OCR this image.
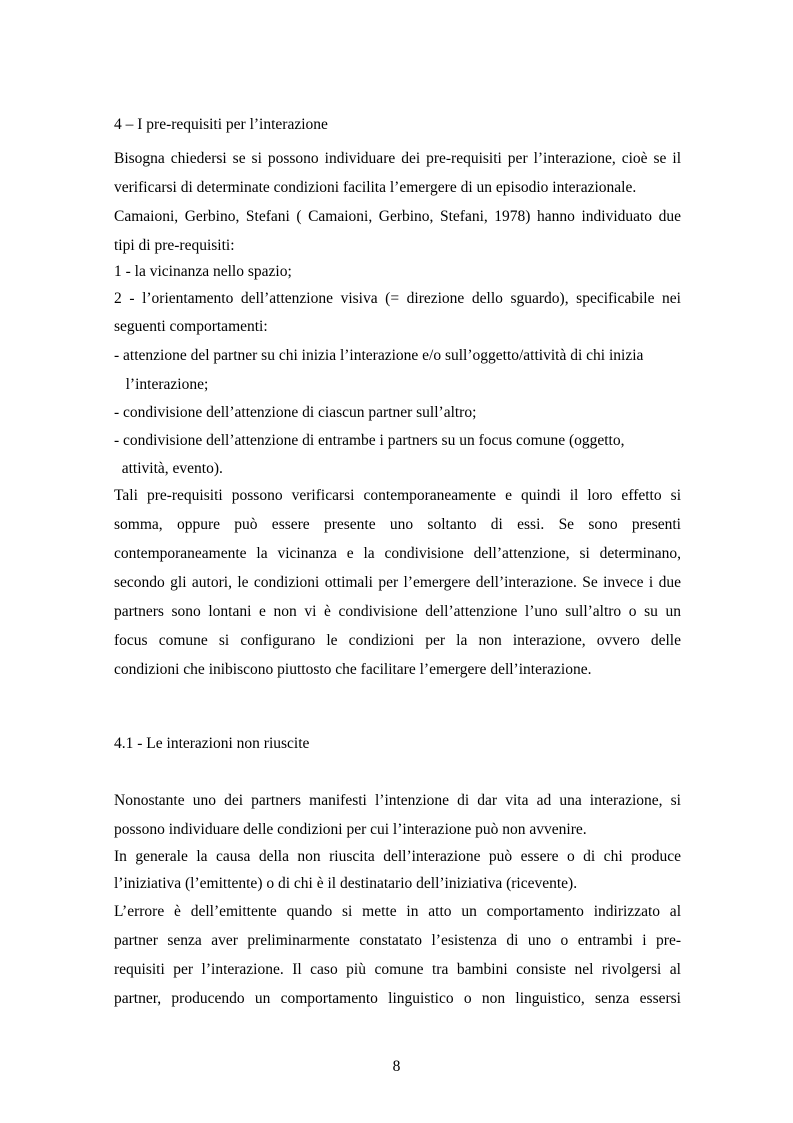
4 – I pre-requisiti per l’interazione
Bisogna chiedersi se si possono individuare dei pre-requisiti per l’interazione, cioè se il
verificarsi di determinate condizioni facilita l’emergere di un episodio interazionale.
Camaioni, Gerbino, Stefani ( Camaioni, Gerbino, Stefani, 1978) hanno individuato due
tipi di pre-requisiti:
1 - la vicinanza nello spazio;
2 - l’orientamento dell’attenzione visiva (= direzione dello sguardo), specificabile nei
seguenti comportamenti:
- attenzione del partner su chi inizia l’interazione e/o sull’oggetto/attività di chi inizia
l’interazione;
- condivisione dell’attenzione di ciascun partner sull’altro;
- condivisione dell’attenzione di entrambe i partners su un focus comune (oggetto,
attività, evento).
Tali pre-requisiti possono verificarsi contemporaneamente e quindi il loro effetto si
somma, oppure può essere presente uno soltanto di essi. Se sono presenti
contemporaneamente la vicinanza e la condivisione dell’attenzione, si determinano,
secondo gli autori, le condizioni ottimali per l’emergere dell’interazione. Se invece i due
partners sono lontani e non vi è condivisione dell’attenzione l’uno sull’altro o su un
focus comune si configurano le condizioni per la non interazione, ovvero delle
condizioni che inibiscono piuttosto che facilitare l’emergere dell’interazione.
4.1 - Le interazioni non riuscite
Nonostante uno dei partners manifesti l’intenzione di dar vita ad una interazione, si
possono individuare delle condizioni per cui l’interazione può non avvenire.
In generale la causa della non riuscita dell’interazione può essere o di chi produce
l’iniziativa (l’emittente) o di chi è il destinatario dell’iniziativa (ricevente).
L’errore è dell’emittente quando si mette in atto un comportamento indirizzato al
partner senza aver preliminarmente constatato l’esistenza di uno o entrambi i pre-
requisiti per l’interazione. Il caso più comune tra bambini consiste nel rivolgersi al
partner, producendo un comportamento linguistico o non linguistico, senza essersi
8
